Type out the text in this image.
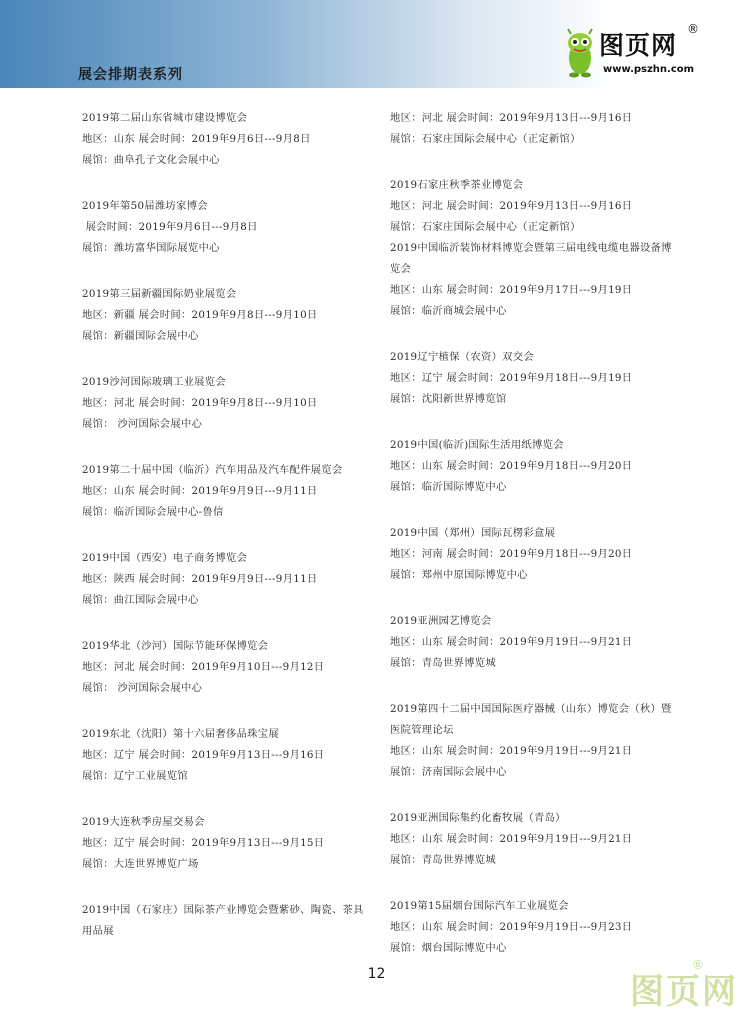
展会排期表系列
图页网
®
www.pszhn.com
2019第二届山东省城市建设博览会
地区：山东 展会时间：2019年9月6日---9月8日
展馆：曲阜孔子文化会展中心
2019年第50届潍坊家博会
展会时间：2019年9月6日---9月8日
展馆：潍坊富华国际展览中心
2019第三届新疆国际奶业展览会
地区：新疆 展会时间：2019年9月8日---9月10日
展馆：新疆国际会展中心
2019沙河国际玻璃工业展览会
地区：河北 展会时间：2019年9月8日---9月10日
展馆： 沙河国际会展中心
2019第二十届中国（临沂）汽车用品及汽车配件展览会
地区：山东 展会时间：2019年9月9日---9月11日
展馆：临沂国际会展中心-鲁信
2019中国（西安）电子商务博览会
地区：陕西 展会时间：2019年9月9日---9月11日
展馆：曲江国际会展中心
2019华北（沙河）国际节能环保博览会
地区：河北 展会时间：2019年9月10日---9月12日
展馆： 沙河国际会展中心
2019东北（沈阳）第十六届奢侈品珠宝展
地区：辽宁 展会时间：2019年9月13日---9月16日
展馆：辽宁工业展览馆
2019大连秋季房屋交易会
地区：辽宁 展会时间：2019年9月13日---9月15日
展馆：大连世界博览广场
2019中国（石家庄）国际茶产业博览会暨紫砂、陶瓷、茶具用品展
地区：河北 展会时间：2019年9月13日---9月16日
展馆：石家庄国际会展中心（正定新馆）
2019石家庄秋季茶业博览会
地区：河北 展会时间：2019年9月13日---9月16日
展馆：石家庄国际会展中心（正定新馆）
2019中国临沂装饰材料博览会暨第三届电线电缆电器设备博览会
地区：山东 展会时间：2019年9月17日---9月19日
展馆：临沂商城会展中心
2019辽宁植保（农资）双交会
地区：辽宁 展会时间：2019年9月18日---9月19日
展馆：沈阳新世界博览馆
2019中国(临沂)国际生活用纸博览会
地区：山东 展会时间：2019年9月18日---9月20日
展馆：临沂国际博览中心
2019中国（郑州）国际瓦楞彩盒展
地区：河南 展会时间：2019年9月18日---9月20日
展馆：郑州中原国际博览中心
2019亚洲园艺博览会
地区：山东 展会时间：2019年9月19日---9月21日
展馆：青岛世界博览城
2019第四十二届中国国际医疗器械（山东）博览会（秋）暨医院管理论坛
地区：山东 展会时间：2019年9月19日---9月21日
展馆：济南国际会展中心
2019亚洲国际集约化畜牧展（青岛）
地区：山东 展会时间：2019年9月19日---9月21日
展馆：青岛世界博览城
2019第15届烟台国际汽车工业展览会
地区：山东 展会时间：2019年9月19日---9月23日
展馆：烟台国际博览中心
12	图页网
®
